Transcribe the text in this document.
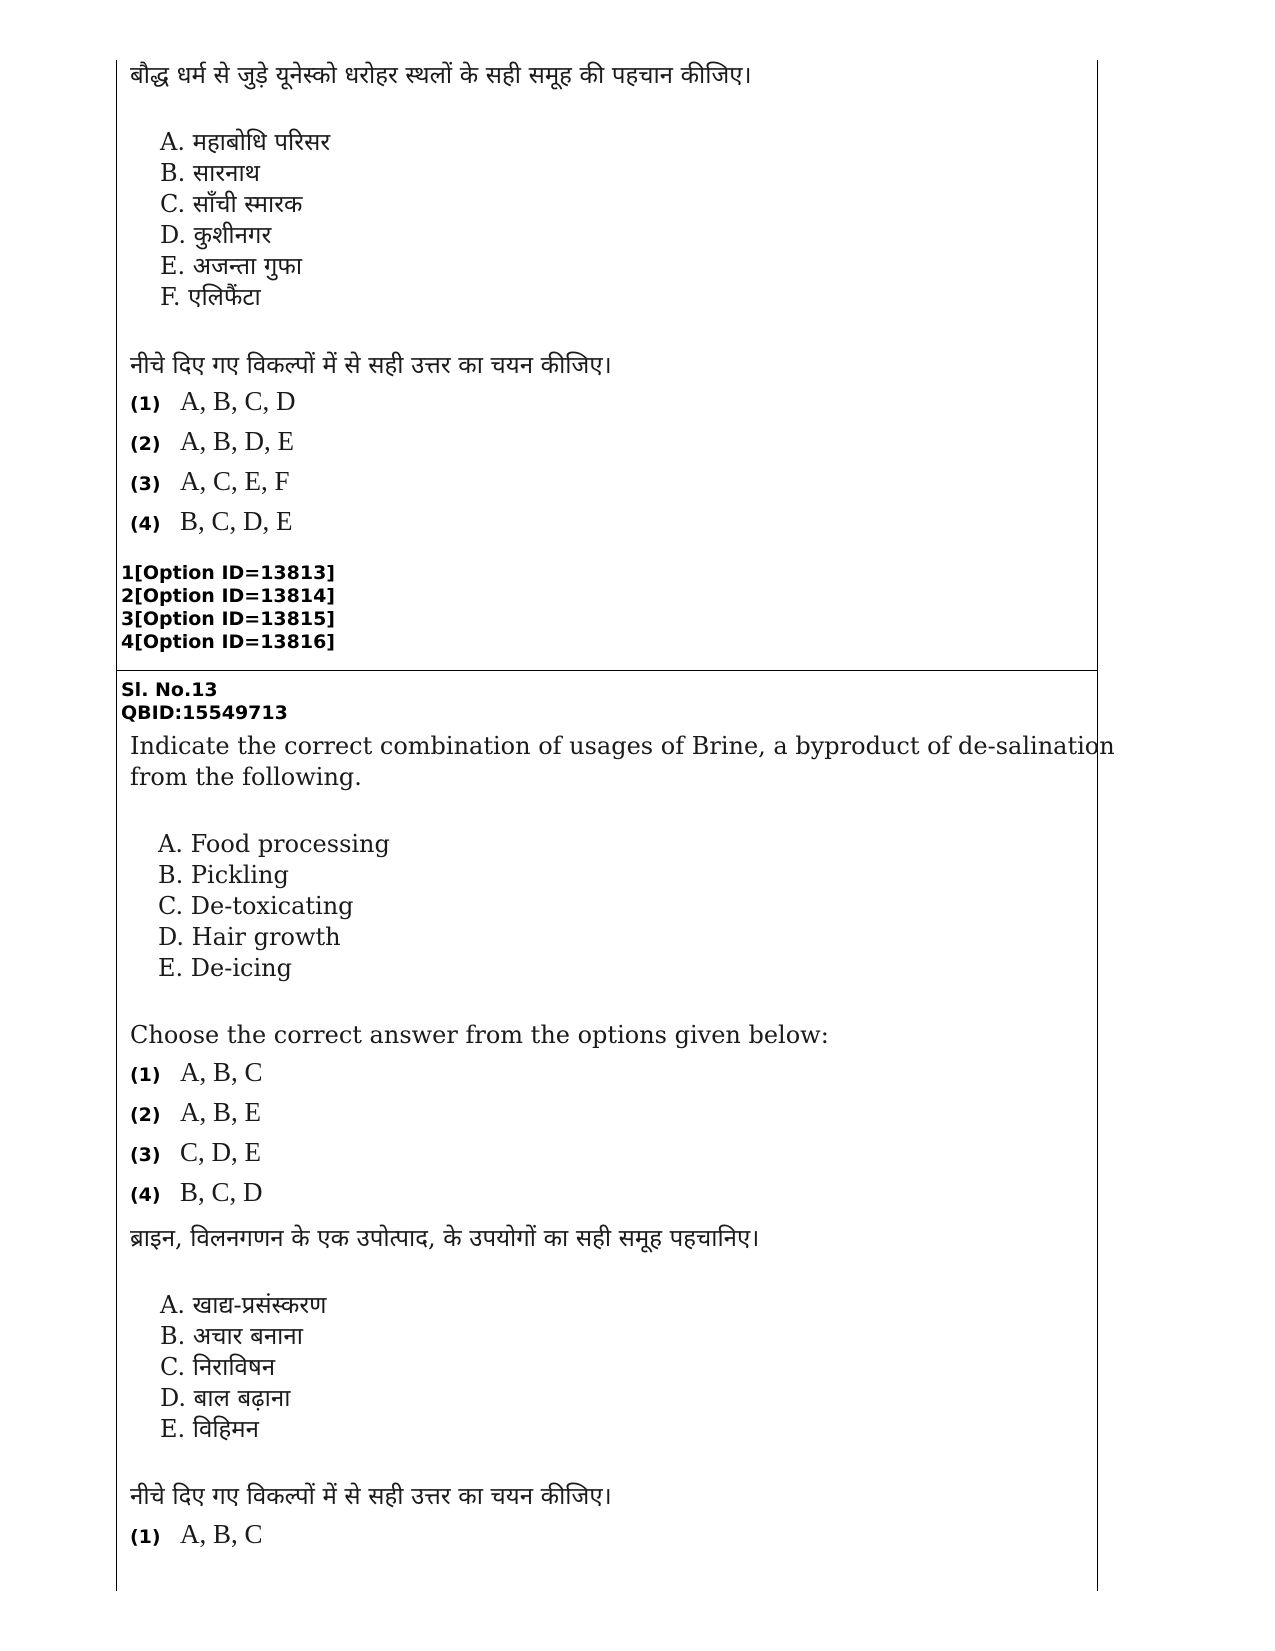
बौद्ध धर्म से जुड़े यूनेस्को धरोहर स्थलों के सही समूह की पहचान कीजिए।
A. महाबोधि परिसर
B. सारनाथ
C. साँची स्मारक
D. कुशीनगर
E. अजन्ता गुफा
F. एलिफैंटा
नीचे दिए गए विकल्पों में से सही उत्तर का चयन कीजिए।
(1) A, B, C, D
(2) A, B, D, E
(3) A, C, E, F
(4) B, C, D, E
1[Option ID=13813]
2[Option ID=13814]
3[Option ID=13815]
4[Option ID=13816]
Sl. No.13
QBID:15549713
Indicate the correct combination of usages of Brine, a byproduct of de-salination
from the following.
A. Food processing
B. Pickling
C. De-toxicating
D. Hair growth
E. De-icing
Choose the correct answer from the options given below:
(1) A, B, C
(2) A, B, E
(3) C, D, E
(4) B, C, D
ब्राइन, विलनगणन के एक उपोत्पाद, के उपयोगों का सही समूह पहचानिए।
A. खाद्य-प्रसंस्करण
B. अचार बनाना
C. निराविषन
D. बाल बढ़ाना
E. विहिमन
नीचे दिए गए विकल्पों में से सही उत्तर का चयन कीजिए।
(1) A, B, C
